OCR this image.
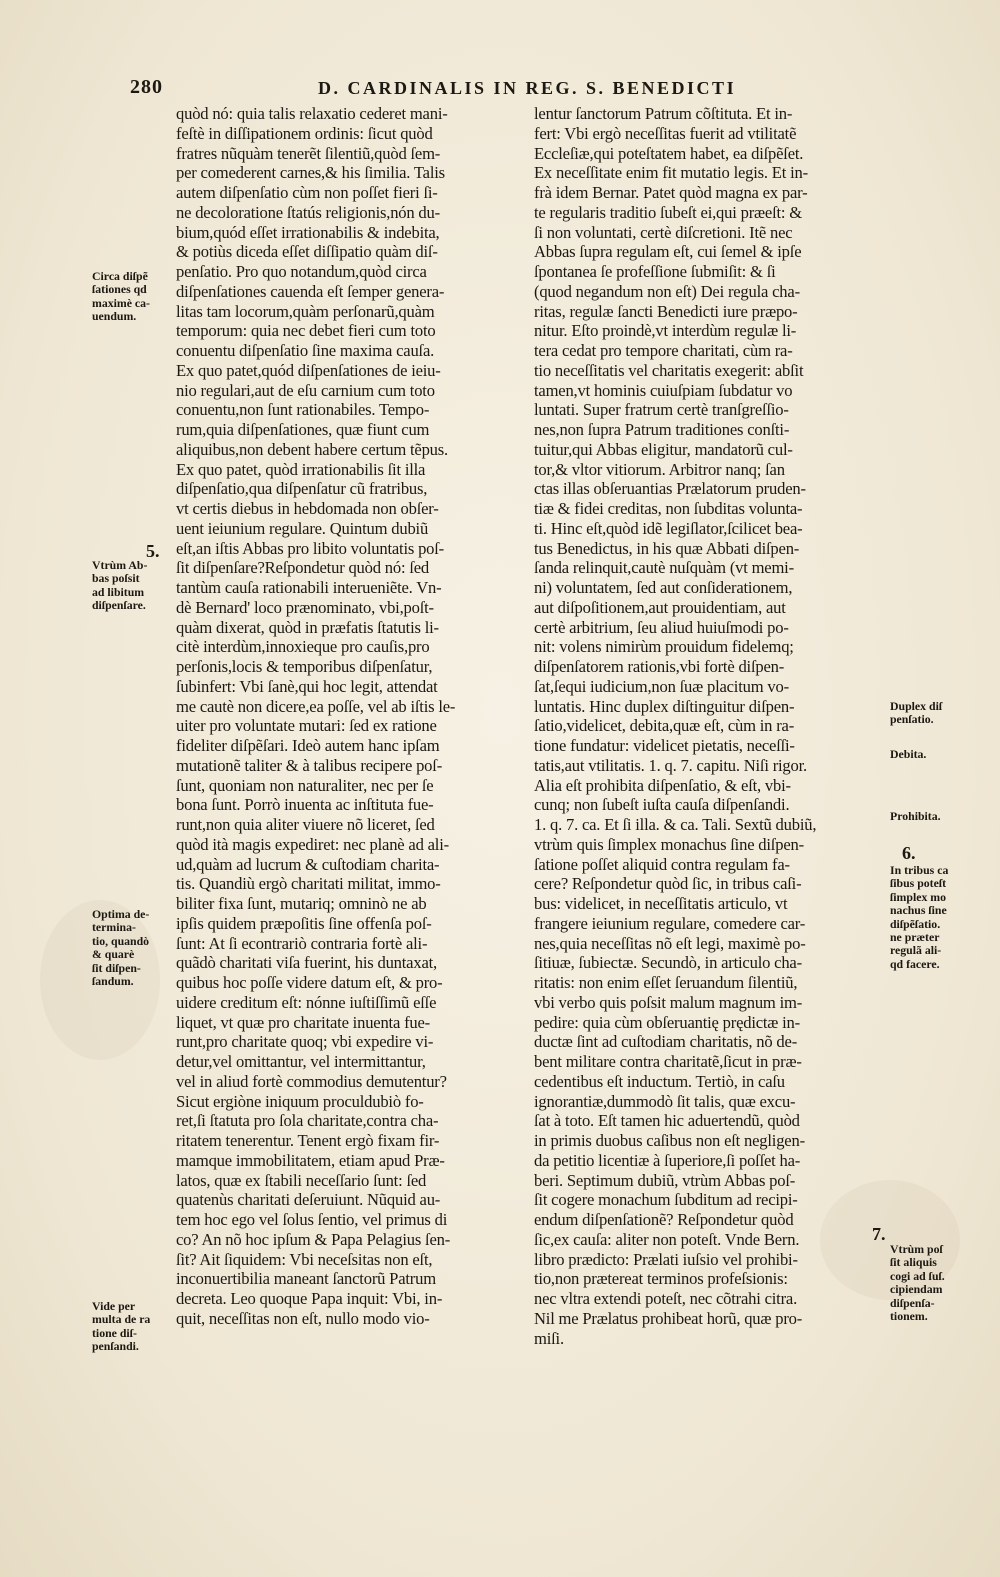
280	D. CARDINALIS IN REG. S. BENEDICTI
quòd nó: quia talis relaxatio cederet mani-
feſtè in diſſipationem ordinis: ſicut quòd
fratres nũquàm tenerẽt ſilentiũ,quòd ſem-
per comederent carnes,& his ſimilia. Talis
autem diſpenſatio cùm non poſſet fieri ſi-
ne decoloratione ſtatús religionis,nón du-
bium,quód eſſet irrationabilis & indebita,
& potiùs diceda eſſet diſſipatio quàm diſ-
penſatio. Pro quo notandum,quòd circa
diſpenſationes cauenda eſt ſemper genera-
litas tam locorum,quàm perſonarũ,quàm
temporum: quia nec debet fieri cum toto
conuentu diſpenſatio ſine maxima cauſa.
Ex quo patet,quód diſpenſationes de ieiu-
nio regulari,aut de eſu carnium cum toto
conuentu,non ſunt rationabiles. Tempo-
rum,quia diſpenſationes, quæ fiunt cum
aliquibus,non debent habere certum tẽpus.
Ex quo patet, quòd irrationabilis ſit illa
diſpenſatio,qua diſpenſatur cũ fratribus,
vt certis diebus in hebdomada non obſer-
uent ieiunium regulare. Quintum dubiũ
eſt,an iſtis Abbas pro libito voluntatis poſ-
ſit diſpenſare?Reſpondetur quòd nó: ſed
tantùm cauſa rationabili interueniẽte. Vn-
dè Bernard' loco prænominato, vbi,poſt-
quàm dixerat, quòd in præfatis ſtatutis li-
citè interdùm,innoxieque pro cauſis,pro
perſonis,locis & temporibus diſpenſatur,
ſubinfert: Vbi ſanè,qui hoc legit, attendat
me cautè non dicere,ea poſſe, vel ab iſtis le-
uiter pro voluntate mutari: ſed ex ratione
fideliter diſpẽſari. Ideò autem hanc ipſam
mutationẽ taliter & à talibus recipere poſ-
ſunt, quoniam non naturaliter, nec per ſe
bona ſunt. Porrò inuenta ac inſtituta fue-
runt,non quia aliter viuere nõ liceret, ſed
quòd ità magis expediret: nec planè ad ali-
ud,quàm ad lucrum & cuſtodiam charita-
tis. Quandiù ergò charitati militat, immo-
biliter fixa ſunt, mutariq; omninò ne ab
ipſis quidem præpoſitis ſine offenſa poſ-
ſunt: At ſi econtrariò contraria fortè ali-
quãdò charitati viſa fuerint, his duntaxat,
quibus hoc poſſe videre datum eſt, & pro-
uidere creditum eſt: nónne iuſtiſſimũ eſſe
liquet, vt quæ pro charitate inuenta fue-
runt,pro charitate quoq; vbi expedire vi-
detur,vel omittantur, vel intermittantur,
vel in aliud fortè commodius demutentur?
Sicut ergiòne iniquum proculdubiò fo-
ret,ſi ſtatuta pro ſola charitate,contra cha-
ritatem tenerentur. Tenent ergò fixam fir-
mamque immobilitatem, etiam apud Præ-
latos, quæ ex ſtabili neceſſario ſunt: ſed
quatenùs charitati deſeruiunt. Nũquid au-
tem hoc ego vel ſolus ſentio, vel primus di
co? An nõ hoc ipſum & Papa Pelagius ſen-
ſit? Ait ſiquidem: Vbi neceſsitas non eſt,
inconuertibilia maneant ſanctorũ Patrum
decreta. Leo quoque Papa inquit: Vbi, in-
quit, neceſſitas non eſt, nullo modo vio-
lentur ſanctorum Patrum cõſtituta. Et in-
fert: Vbi ergò neceſſitas fuerit ad vtilitatẽ
Eccleſiæ,qui poteſtatem habet, ea diſpẽſet.
Ex neceſſitate enim fit mutatio legis. Et in-
frà idem Bernar. Patet quòd magna ex par-
te regularis traditio ſubeſt ei,qui præeſt: &
ſi non voluntati, certè diſcretioni. Itẽ nec
Abbas ſupra regulam eſt, cui ſemel & ipſe
ſpontanea ſe profeſſione ſubmiſit: & ſi
(quod negandum non eſt) Dei regula cha-
ritas, regulæ ſancti Benedicti iure præpo-
nitur. Eſto proindè,vt interdùm regulæ li-
tera cedat pro tempore charitati, cùm ra-
tio neceſſitatis vel charitatis exegerit: abſit
tamen,vt hominis cuiuſpiam ſubdatur vo
luntati. Super fratrum certè tranſgreſſio-
nes,non ſupra Patrum traditiones conſti-
tuitur,qui Abbas eligitur, mandatorũ cul-
tor,& vltor vitiorum. Arbitror nanq; ſan
ctas illas obſeruantias Prælatorum pruden-
tiæ & fidei creditas, non ſubditas volunta-
ti. Hinc eſt,quòd idẽ legiſlator,ſcilicet bea-
tus Benedictus, in his quæ Abbati diſpen-
ſanda relinquit,cautè nuſquàm (vt memi-
ni) voluntatem, ſed aut conſiderationem,
aut diſpoſitionem,aut prouidentiam, aut
certè arbitrium, ſeu aliud huiuſmodi po-
nit: volens nimirùm prouidum fidelemq;
diſpenſatorem rationis,vbi fortè diſpen-
ſat,ſequi iudicium,non ſuæ placitum vo-
luntatis. Hinc duplex diſtinguitur diſpen-
ſatio,videlicet, debita,quæ eſt, cùm in ra-
tione fundatur: videlicet pietatis, neceſſi-
tatis,aut vtilitatis. 1. q. 7. capitu. Niſi rigor.
Alia eſt prohibita diſpenſatio, & eſt, vbi-
cunq; non ſubeſt iuſta cauſa diſpenſandi.
1. q. 7. ca. Et ſi illa. & ca. Tali. Sextũ dubiũ,
vtrùm quis ſimplex monachus ſine diſpen-
ſatione poſſet aliquid contra regulam fa-
cere? Reſpondetur quòd ſic, in tribus caſi-
bus: videlicet, in neceſſitatis articulo, vt
frangere ieiunium regulare, comedere car-
nes,quia neceſſitas nõ eſt legi, maximè po-
ſitiuæ, ſubiectæ. Secundò, in articulo cha-
ritatis: non enim eſſet ſeruandum ſilentiũ,
vbi verbo quis poſsit malum magnum im-
pedire: quia cùm obſeruantię prędictæ in-
ductæ ſint ad cuſtodiam charitatis, nõ de-
bent militare contra charitatẽ,ſicut in præ-
cedentibus eſt inductum. Tertiò, in caſu
ignorantiæ,dummodò ſit talis, quæ excu-
ſat à toto. Eſt tamen hic aduertendũ, quòd
in primis duobus caſibus non eſt negligen-
da petitio licentiæ à ſuperiore,ſi poſſet ha-
beri. Septimum dubiũ, vtrùm Abbas poſ-
ſit cogere monachum ſubditum ad recipi-
endum diſpenſationẽ? Reſpondetur quòd
ſic,ex cauſa: aliter non poteſt. Vnde Bern.
libro prædicto: Prælati iuſsio vel prohibi-
tio,non prætereat terminos profeſsionis:
nec vltra extendi poteſt, nec cõtrahi citra.
Nil me Prælatus prohibeat horũ, quæ pro-
miſi.
Circa diſpẽ
ſationes qd
maximè ca-
uendum.
Vtrùm Ab-
bas poſsit
ad libitum
diſpenſare.
Optima de-
termina-
tio, quandò
& quarè
ſit diſpen-
ſandum.
Vide per
multa de ra
tione diſ-
penſandi.
Duplex diſ
penſatio.
Debita.
Prohibita.
In tribus ca
ſibus poteſt
ſimplex mo
nachus ſine
diſpẽſatio.
ne præter
regulã ali-
qd facere.
Vtrùm poſ
ſit aliquis
cogi ad ſuſ.
cipiendam
diſpenſa-
tionem.
5.
6.
7.
